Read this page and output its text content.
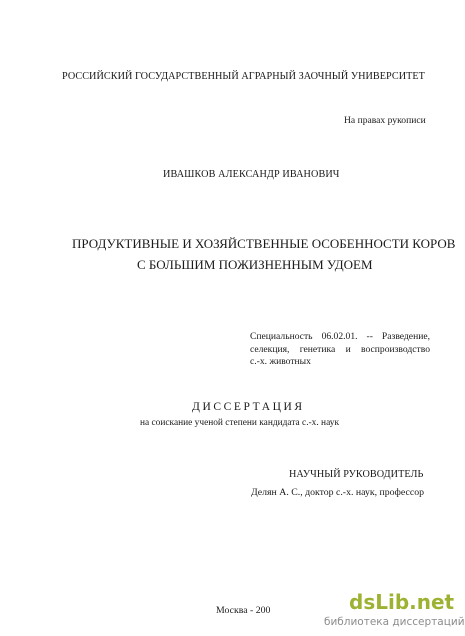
РОССИЙСКИЙ ГОСУДАРСТВЕННЫЙ АГРАРНЫЙ ЗАОЧНЫЙ УНИВЕРСИТЕТ
На правах рукописи
ИВАШКОВ АЛЕКСАНДР ИВАНОВИЧ
ПРОДУКТИВНЫЕ И ХОЗЯЙСТВЕННЫЕ ОСОБЕННОСТИ КОРОВ
С БОЛЬШИМ ПОЖИЗНЕННЫМ УДОЕМ
Специальность 06.02.01. -- Разведение,
селекция, генетика и воспроизводство
с.-х. животных
ДИССЕРТАЦИЯ
на соискание ученой степени кандидата с.-х. наук
НАУЧНЫЙ РУКОВОДИТЕЛЬ
Делян А. С., доктор с.-х. наук, профессор
Москва - 200	dsLib.net
библиотека диссертаций
